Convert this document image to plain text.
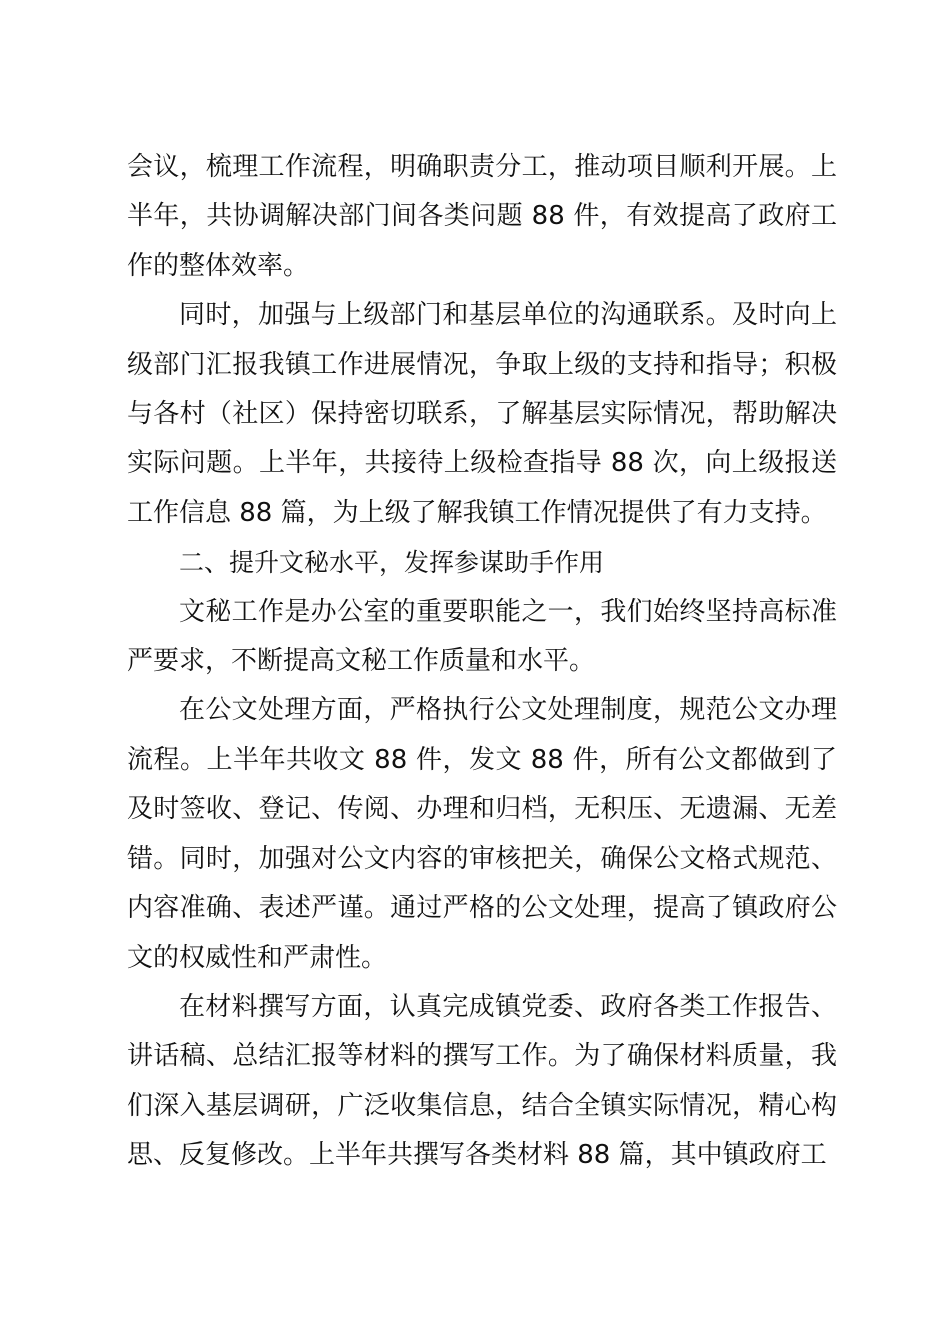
会议，梳理工作流程，明确职责分工，推动项目顺利开展。上半年，共协调解决部门间各类问题 88 件，有效提高了政府工作的整体效率。

同时，加强与上级部门和基层单位的沟通联系。及时向上级部门汇报我镇工作进展情况，争取上级的支持和指导；积极与各村（社区）保持密切联系，了解基层实际情况，帮助解决实际问题。上半年，共接待上级检查指导 88 次，向上级报送工作信息 88 篇，为上级了解我镇工作情况提供了有力支持。

二、提升文秘水平，发挥参谋助手作用

文秘工作是办公室的重要职能之一，我们始终坚持高标准严要求，不断提高文秘工作质量和水平。

在公文处理方面，严格执行公文处理制度，规范公文办理流程。上半年共收文 88 件，发文 88 件，所有公文都做到了及时签收、登记、传阅、办理和归档，无积压、无遗漏、无差错。同时，加强对公文内容的审核把关，确保公文格式规范、内容准确、表述严谨。通过严格的公文处理，提高了镇政府公文的权威性和严肃性。

在材料撰写方面，认真完成镇党委、政府各类工作报告、讲话稿、总结汇报等材料的撰写工作。为了确保材料质量，我们深入基层调研，广泛收集信息，结合全镇实际情况，精心构思、反复修改。上半年共撰写各类材料 88 篇，其中镇政府工
